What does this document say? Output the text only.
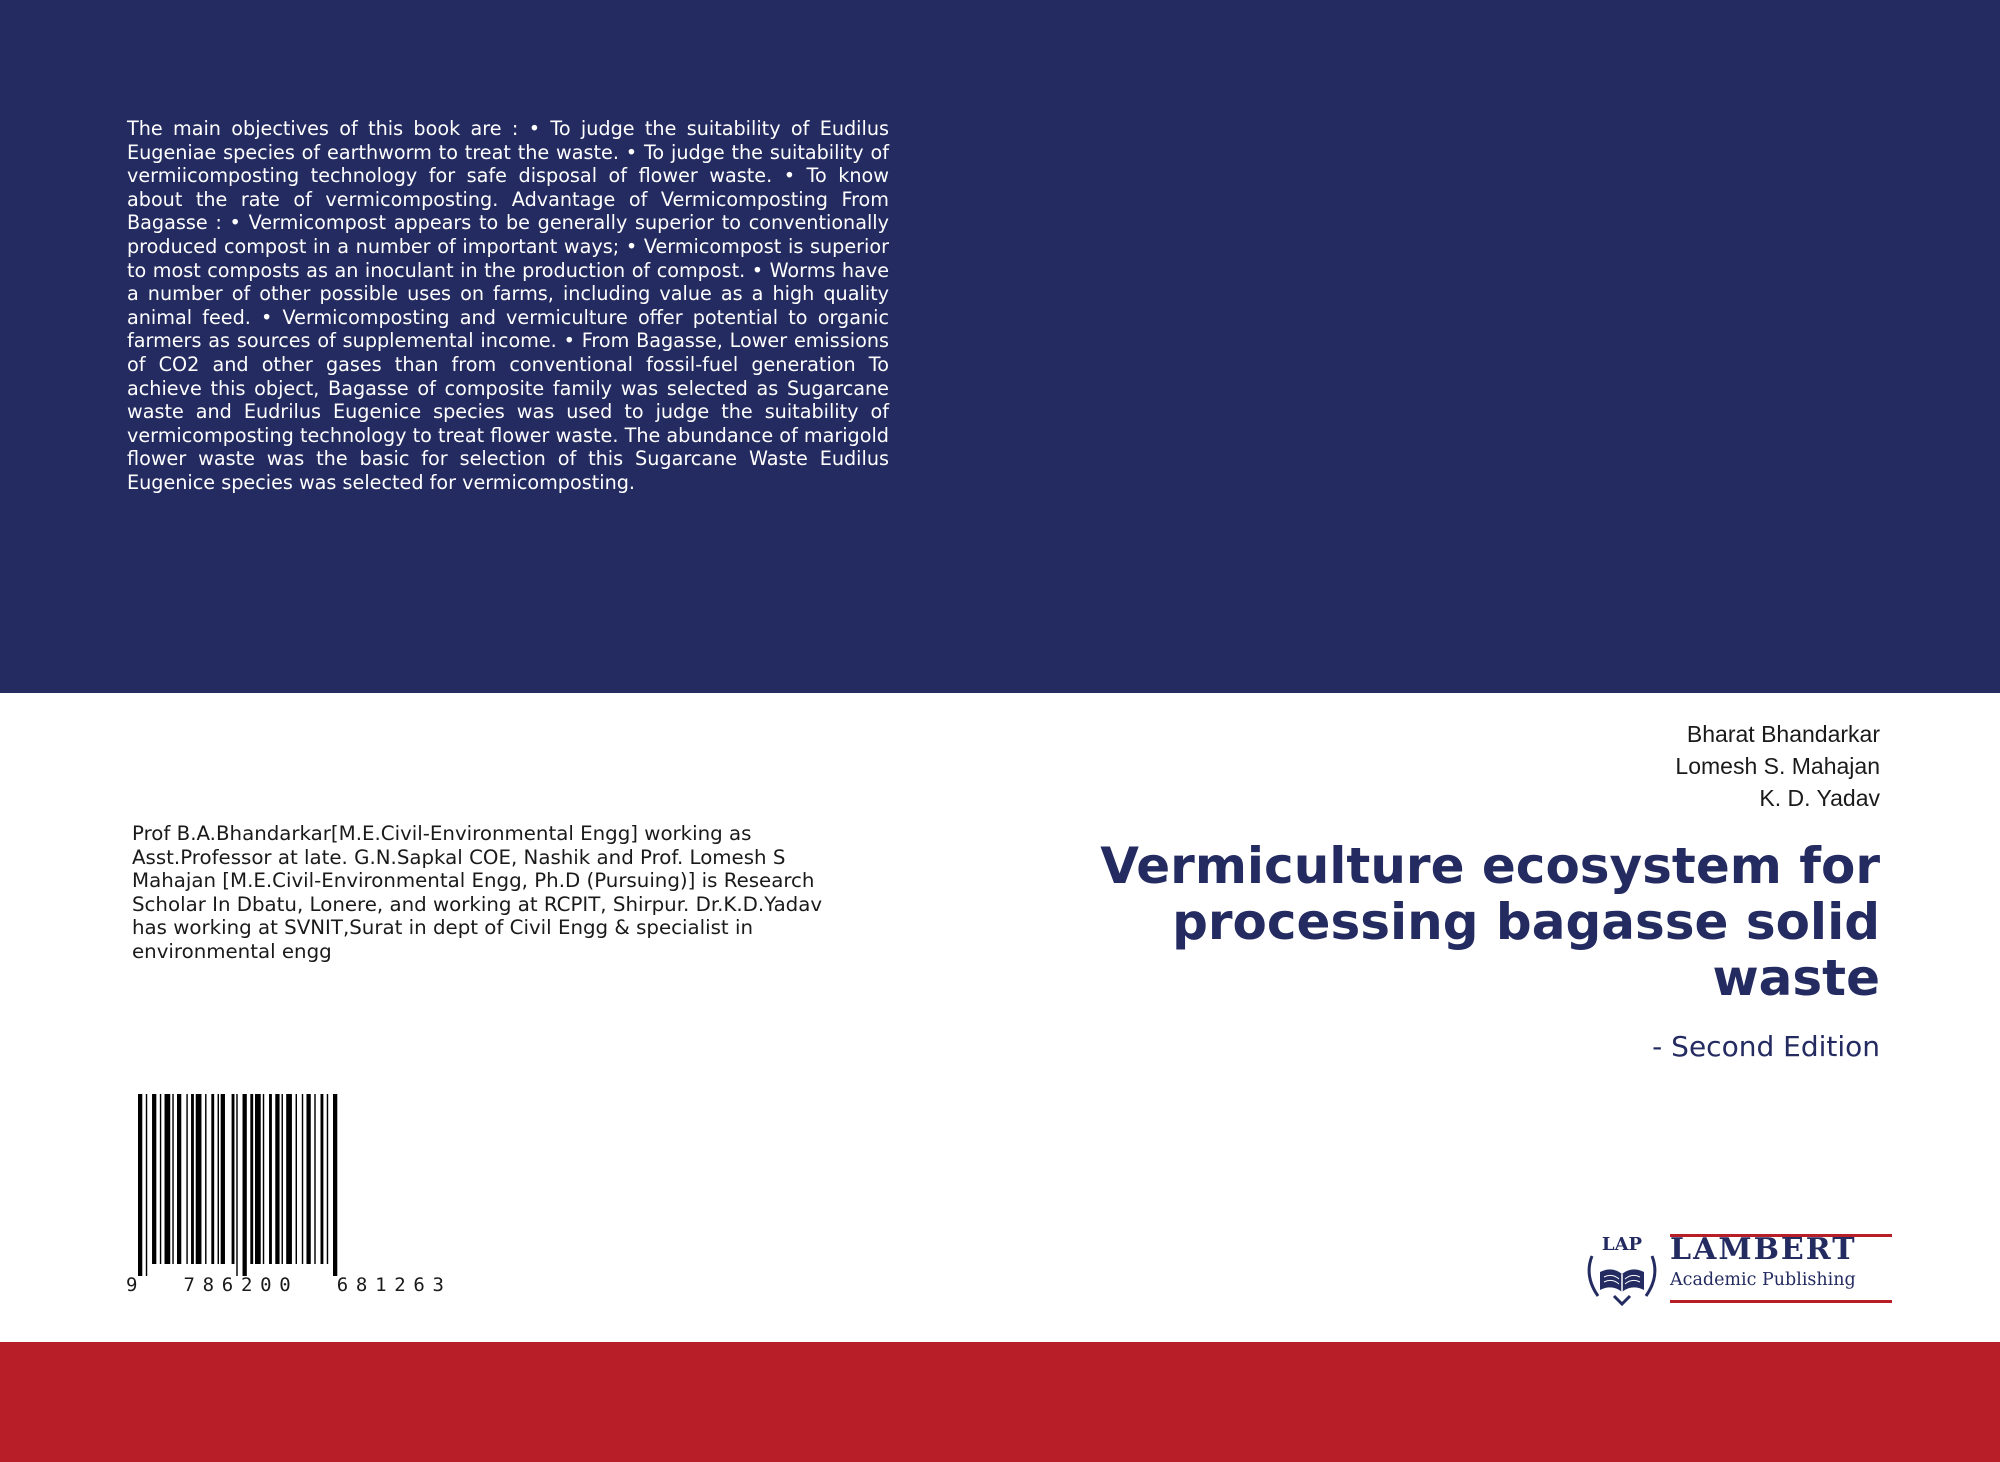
The main objectives of this book are : • To judge the suitability of Eudilus Eugeniae species of earthworm to treat the waste. • To judge the suitability of vermiicomposting technology for safe disposal of flower waste. • To know about the rate of vermicomposting. Advantage of Vermicomposting From Bagasse : • Vermicompost appears to be generally superior to conventionally produced compost in a number of important ways; • Vermicompost is superior to most composts as an inoculant in the production of compost. • Worms have a number of other possible uses on farms, including value as a high quality animal feed. • Vermicomposting and vermiculture offer potential to organic farmers as sources of supplemental income. • From Bagasse, Lower emissions of CO2 and other gases than from conventional fossil-fuel generation To achieve this object, Bagasse of composite family was selected as Sugarcane waste and Eudrilus Eugenice species was used to judge the suitability of vermicomposting technology to treat flower waste. The abundance of marigold flower waste was the basic for selection of this Sugarcane Waste Eudilus Eugenice species was selected for vermicomposting.

Bharat Bhandarkar
Lomesh S. Mahajan
K. D. Yadav
Vermiculture ecosystem for processing bagasse solid waste

- Second Edition

Prof B.A.Bhandarkar[M.E.Civil-Environmental Engg] working as Asst.Professor at late. G.N.Sapkal COE, Nashik and Prof. Lomesh S Mahajan [M.E.Civil-Environmental Engg, Ph.D (Pursuing)] is Research Scholar In Dbatu, Lonere, and working at RCPIT, Shirpur. Dr.K.D.Yadav has working at SVNIT,Surat in dept of Civil Engg & specialist in environmental engg

9  786200  681263
LAP LAMBERT
Academic Publishing
